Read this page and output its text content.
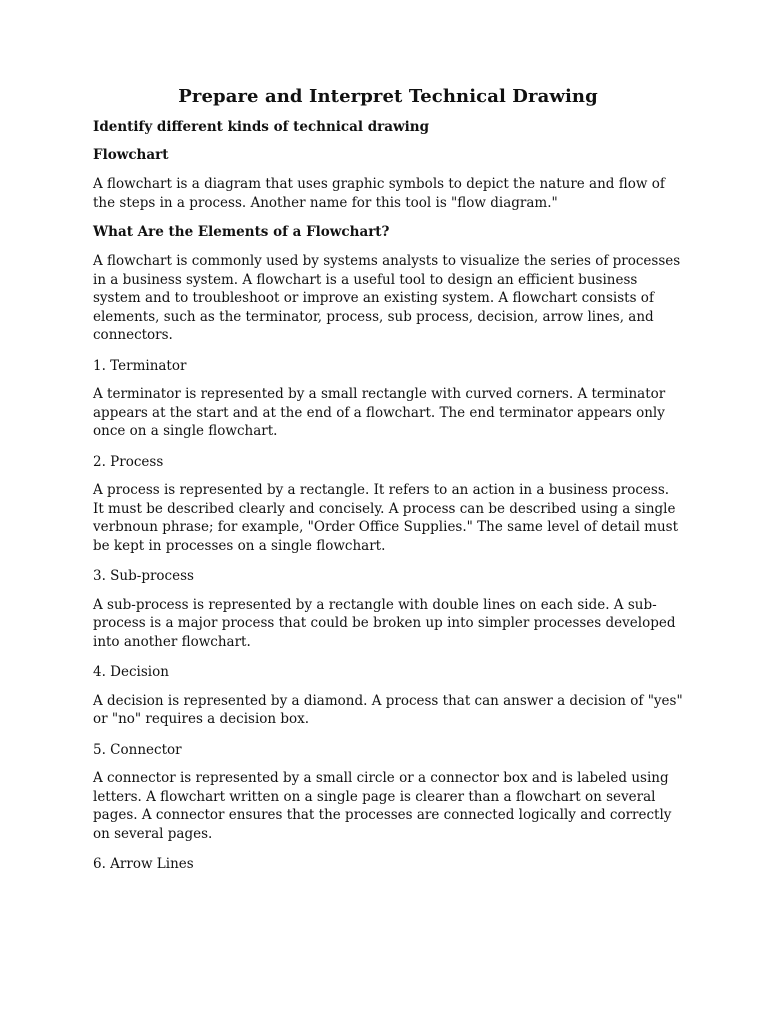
Prepare and Interpret Technical Drawing

Identify different kinds of technical drawing

Flowchart

A flowchart is a diagram that uses graphic symbols to depict the nature and flow of the steps in a process. Another name for this tool is "flow diagram."

What Are the Elements of a Flowchart?

A flowchart is commonly used by systems analysts to visualize the series of processes in a business system. A flowchart is a useful tool to design an efficient business system and to troubleshoot or improve an existing system. A flowchart consists of elements, such as the terminator, process, sub process, decision, arrow lines, and connectors.

1. Terminator

A terminator is represented by a small rectangle with curved corners. A terminator appears at the start and at the end of a flowchart. The end terminator appears only once on a single flowchart.

2. Process

A process is represented by a rectangle. It refers to an action in a business process. It must be described clearly and concisely. A process can be described using a single verbnoun phrase; for example, "Order Office Supplies." The same level of detail must be kept in processes on a single flowchart.

3. Sub-process

A sub-process is represented by a rectangle with double lines on each side. A sub- process is a major process that could be broken up into simpler processes developed into another flowchart.

4. Decision

A decision is represented by a diamond. A process that can answer a decision of "yes" or "no" requires a decision box.

5. Connector

A connector is represented by a small circle or a connector box and is labeled using letters. A flowchart written on a single page is clearer than a flowchart on several pages. A connector ensures that the processes are connected logically and correctly on several pages.

6. Arrow Lines
